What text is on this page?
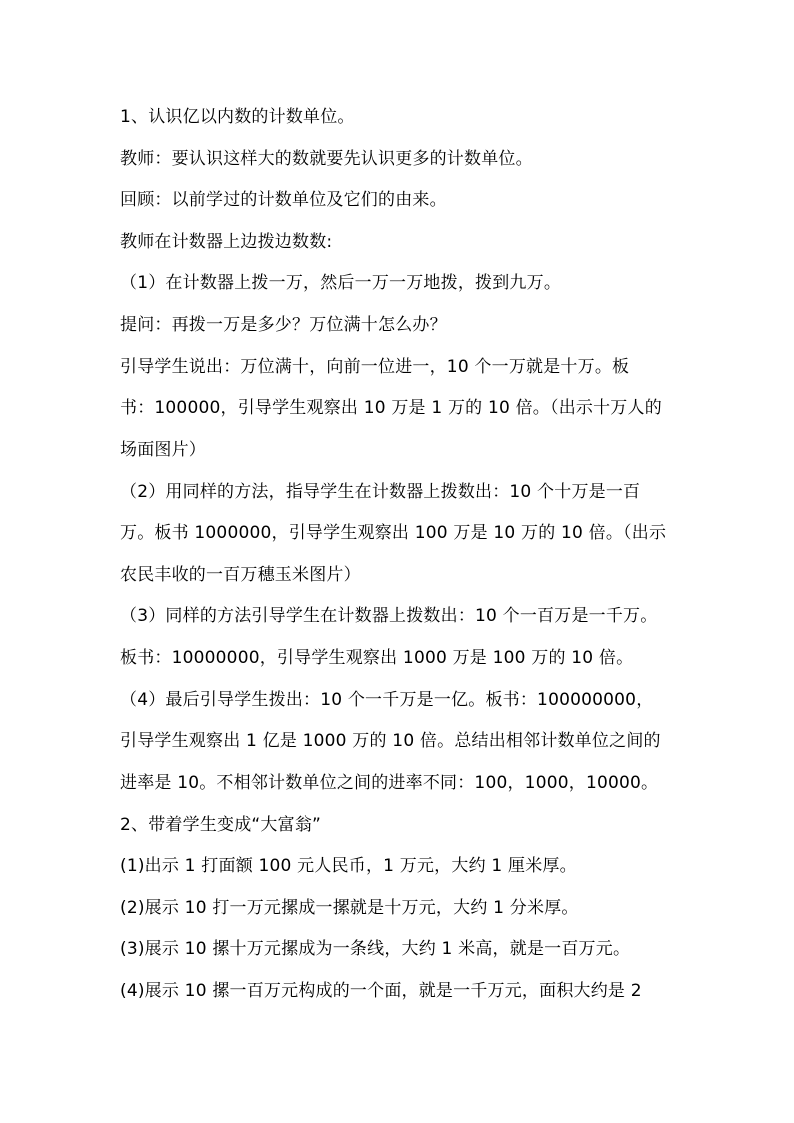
1、认识亿以内数的计数单位。
教师：要认识这样大的数就要先认识更多的计数单位。
回顾：以前学过的计数单位及它们的由来。
教师在计数器上边拨边数数:
（1）在计数器上拨一万，然后一万一万地拨，拨到九万。
提问：再拨一万是多少？万位满十怎么办？
引导学生说出：万位满十，向前一位进一，10 个一万就是十万。板
书：100000，引导学生观察出 10 万是 1 万的 10 倍。（出示十万人的
场面图片）
（2）用同样的方法，指导学生在计数器上拨数出：10 个十万是一百
万。板书 1000000，引导学生观察出 100 万是 10 万的 10 倍。（出示
农民丰收的一百万穗玉米图片）
（3）同样的方法引导学生在计数器上拨数出：10 个一百万是一千万。
板书：10000000，引导学生观察出 1000 万是 100 万的 10 倍。
（4）最后引导学生拨出：10 个一千万是一亿。板书：100000000，
引导学生观察出 1 亿是 1000 万的 10 倍。总结出相邻计数单位之间的
进率是 10。不相邻计数单位之间的进率不同：100，1000，10000。
2、带着学生变成“大富翁”
(1)出示 1 打面额 100 元人民币，1 万元，大约 1 厘米厚。
(2)展示 10 打一万元摞成一摞就是十万元，大约 1 分米厚。
(3)展示 10 摞十万元摞成为一条线，大约 1 米高，就是一百万元。
(4)展示 10 摞一百万元构成的一个面，就是一千万元，面积大约是 2
